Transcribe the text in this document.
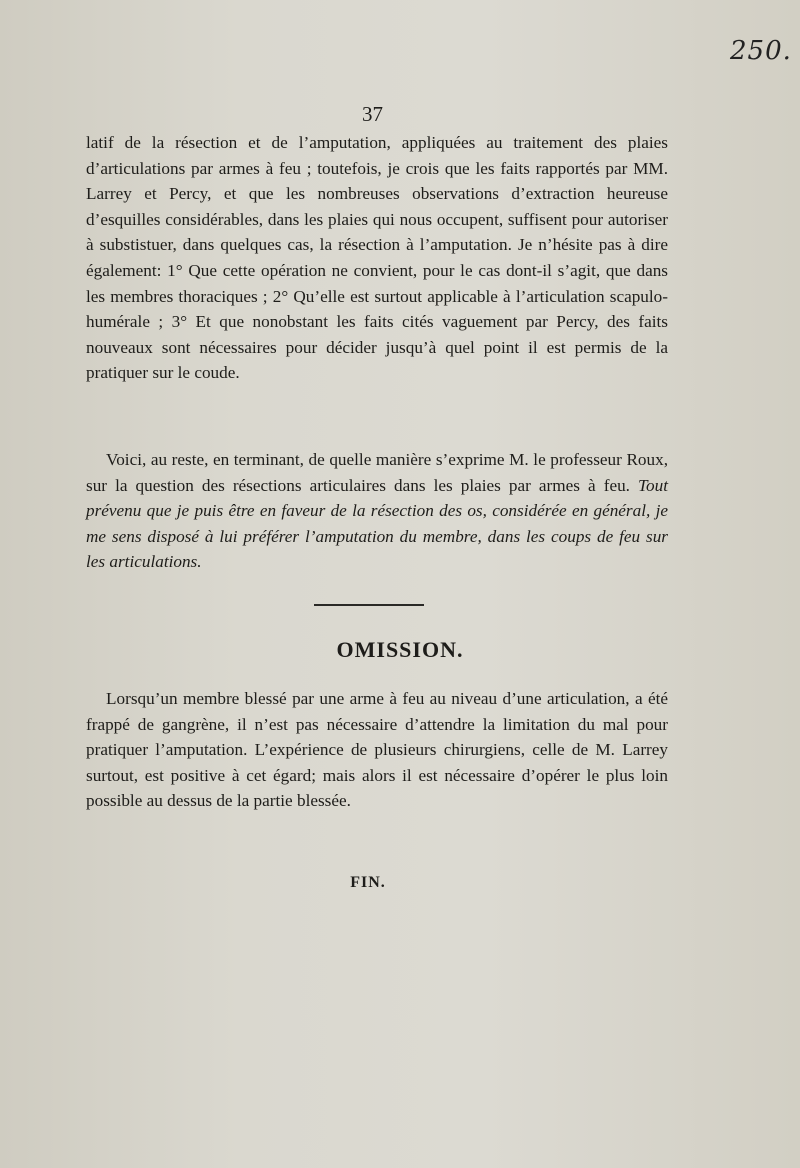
250.
37

latif de la résection et de l’amputation, appliquées au traitement des plaies d’articulations par armes à feu ; toutefois, je crois que les faits rapportés par MM. Larrey et Percy, et que les nombreuses observations d’extraction heureuse d’esquilles considérables, dans les plaies qui nous occupent, suffisent pour autoriser à substistuer, dans quelques cas, la résection à l’amputation. Je n’hésite pas à dire également: 1° Que cette opération ne convient, pour le cas dont-il s’agit, que dans les membres thoraciques ; 2° Qu’elle est surtout applicable à l’articulation scapulo-humérale ; 3° Et que nonobstant les faits cités vaguement par Percy, des faits nouveaux sont nécessaires pour décider jusqu’à quel point il est permis de la pratiquer sur le coude.

Voici, au reste, en terminant, de quelle manière s’exprime M. le professeur Roux, sur la question des résections articulaires dans les plaies par armes à feu. Tout prévenu que je puis être en faveur de la résection des os, considérée en général, je me sens disposé à lui préférer l’amputation du membre, dans les coups de feu sur les articulations.

OMISSION.

Lorsqu’un membre blessé par une arme à feu au niveau d’une articulation, a été frappé de gangrène, il n’est pas nécessaire d’attendre la limitation du mal pour pratiquer l’amputation. L’expérience de plusieurs chirurgiens, celle de M. Larrey surtout, est positive à cet égard; mais alors il est nécessaire d’opérer le plus loin possible au dessus de la partie blessée.

FIN.
